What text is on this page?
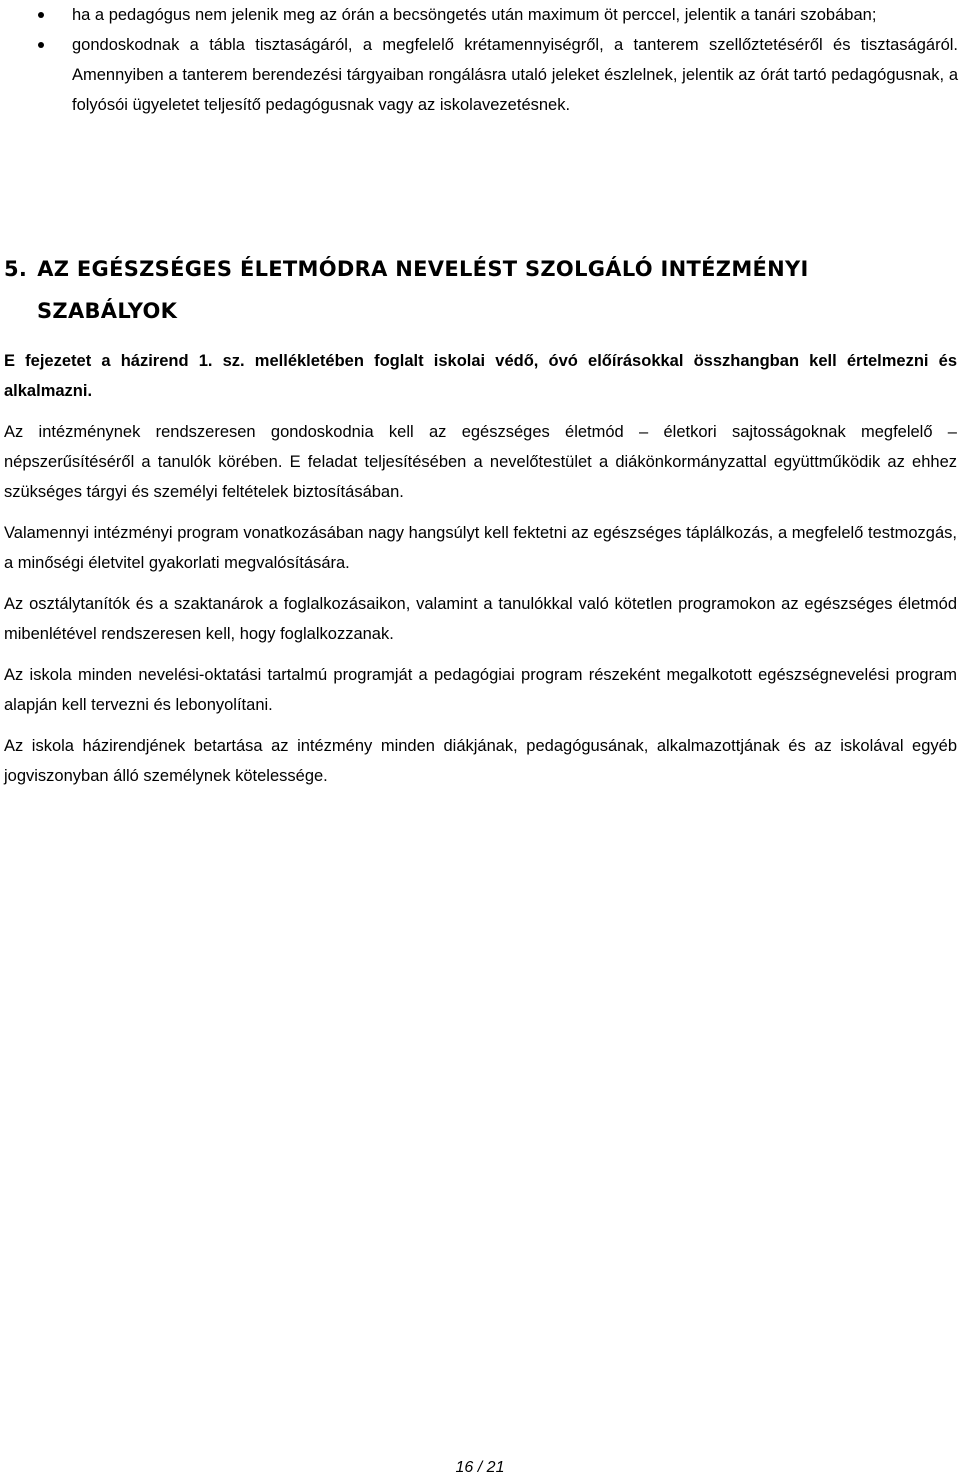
ha a pedagógus nem jelenik meg az órán a becsöngetés után maximum öt perccel, jelentik a tanári szobában;
gondoskodnak a tábla tisztaságáról, a megfelelő krétamennyiségről, a tanterem szellőztetéséről és tisztaságáról. Amennyiben a tanterem berendezési tárgyaiban rongálásra utaló jeleket észlelnek, jelentik az órát tartó pedagógusnak, a folyósói ügyeletet teljesítő pedagógusnak vagy az iskolavezetésnek.
5. AZ EGÉSZSÉGES ÉLETMÓDRA NEVELÉST SZOLGÁLÓ INTÉZMÉNYI
SZABÁLYOK

E fejezetet a házirend 1. sz. mellékletében foglalt iskolai védő, óvó előírásokkal összhangban kell értelmezni és alkalmazni.

Az intézménynek rendszeresen gondoskodnia kell az egészséges életmód – életkori sajtosságoknak megfelelő – népszerűsítéséről a tanulók körében. E feladat teljesítésében a nevelőtestület a diákönkormányzattal együttműködik az ehhez szükséges tárgyi és személyi feltételek biztosításában.

Valamennyi intézményi program vonatkozásában nagy hangsúlyt kell fektetni az egészséges táplálkozás, a megfelelő testmozgás, a minőségi életvitel gyakorlati megvalósítására.

Az osztálytanítók és a szaktanárok a foglalkozásaikon, valamint a tanulókkal való kötetlen programokon az egészséges életmód mibenlétével rendszeresen kell, hogy foglalkozzanak.

Az iskola minden nevelési-oktatási tartalmú programját a pedagógiai program részeként megalkotott egészségnevelési program alapján kell tervezni és lebonyolítani.

Az iskola házirendjének betartása az intézmény minden diákjának, pedagógusának, alkalmazottjának és az iskolával egyéb jogviszonyban álló személynek kötelessége.

16 / 21
